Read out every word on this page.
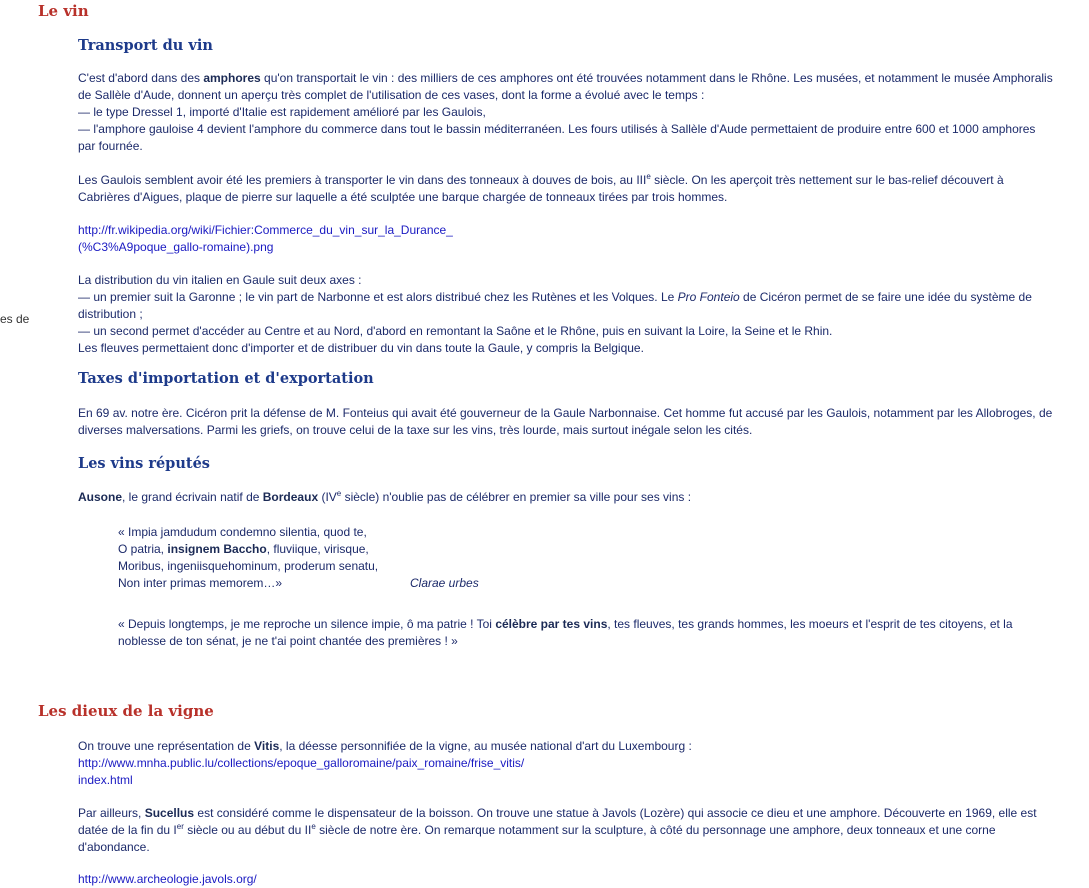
es de
Le vin
Transport du vin
C'est d'abord dans des amphores qu'on transportait le vin : des milliers de ces amphores ont été trouvées notamment dans le Rhône. Les musées, et notamment le musée Amphoralis de Sallèle d'Aude, donnent un aperçu très complet de l'utilisation de ces vases, dont la forme a évolué avec le temps :
— le type Dressel 1, importé d'Italie est rapidement amélioré par les Gaulois,
— l'amphore gauloise 4 devient l'amphore du commerce dans tout le bassin méditerranéen. Les fours utilisés à Sallèle d'Aude permettaient de produire entre 600 et 1000 amphores par fournée.
Les Gaulois semblent avoir été les premiers à transporter le vin dans des tonneaux à douves de bois, au IIIe siècle. On les aperçoit très nettement sur le bas-relief découvert à Cabrières d'Aigues, plaque de pierre sur laquelle a été sculptée une barque chargée de tonneaux tirées par trois hommes.
http://fr.wikipedia.org/wiki/Fichier:Commerce_du_vin_sur_la_Durance_
(%C3%A9poque_gallo-romaine).png
La distribution du vin italien en Gaule suit deux axes :
— un premier suit la Garonne ; le vin part de Narbonne et est alors distribué chez les Rutènes et les Volques. Le Pro Fonteio de Cicéron permet de se faire une idée du système de distribution ;
— un second permet d'accéder au Centre et au Nord, d'abord en remontant la Saône et le Rhône, puis en suivant la Loire, la Seine et le Rhin.
Les fleuves permettaient donc d'importer et de distribuer du vin dans toute la Gaule, y compris la Belgique.
Taxes d'importation et d'exportation
En 69 av. notre ère. Cicéron prit la défense de M. Fonteius qui avait été gouverneur de la Gaule Narbonnaise. Cet homme fut accusé par les Gaulois, notamment par les Allobroges, de diverses malversations. Parmi les griefs, on trouve celui de la taxe sur les vins, très lourde, mais surtout inégale selon les cités.
Les vins réputés
Ausone, le grand écrivain natif de Bordeaux (IVe siècle) n'oublie pas de célébrer en premier sa ville pour ses vins :
« Impia jamdudum condemno silentia, quod te,
O patria, insignem Baccho, fluviique, virisque,
Moribus, ingeniisquehominum, proderum senatu,
Non inter primas memorem…»	Clarae urbes
« Depuis longtemps, je me reproche un silence impie, ô ma patrie ! Toi célèbre par tes vins, tes fleuves, tes grands hommes, les moeurs et l'esprit de tes citoyens, et la noblesse de ton sénat, je ne t'ai point chantée des premières ! »
Les dieux de la vigne
On trouve une représentation de Vitis, la déesse personnifiée de la vigne, au musée national d'art du Luxembourg :
http://www.mnha.public.lu/collections/epoque_galloromaine/paix_romaine/frise_vitis/
index.html
Par ailleurs, Sucellus est considéré comme le dispensateur de la boisson. On trouve une statue à Javols (Lozère) qui associe ce dieu et une amphore. Découverte en 1969, elle est datée de la fin du Ier siècle ou au début du IIe siècle de notre ère. On remarque notamment sur la sculpture, à côté du personnage une amphore, deux tonneaux et une corne d'abondance.
http://www.archeologie.javols.org/
